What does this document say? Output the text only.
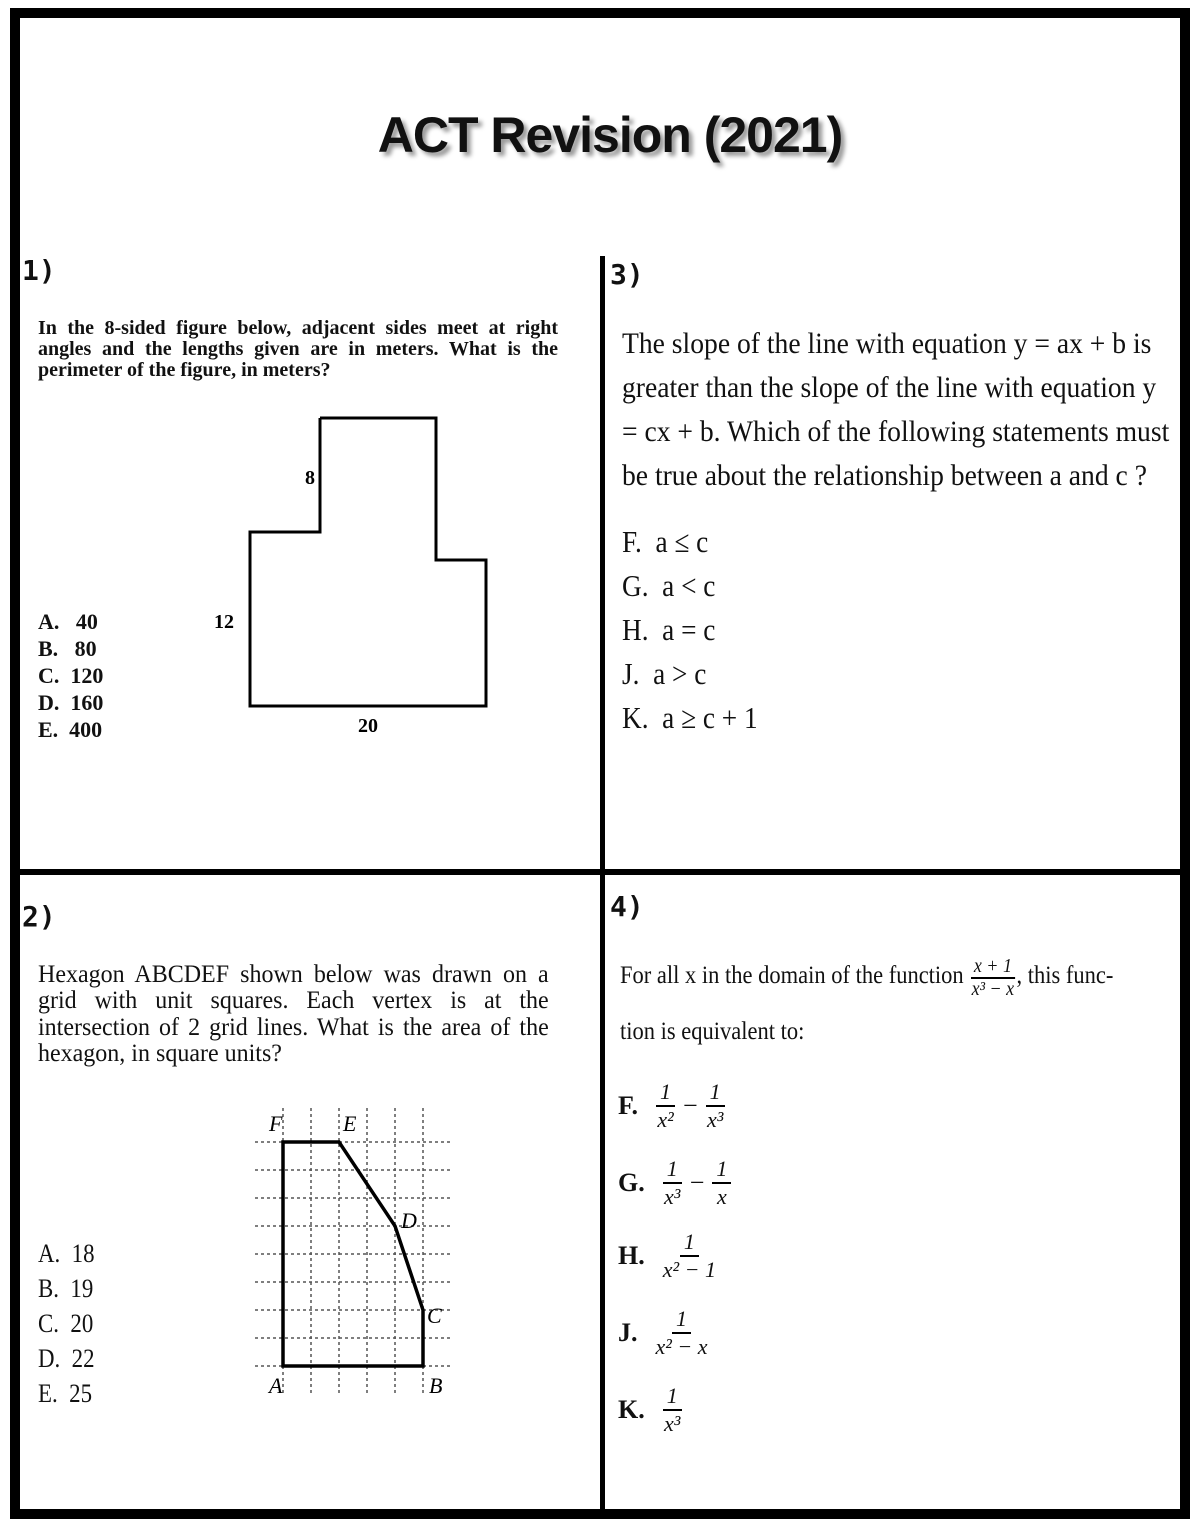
ACT Revision (2021)
1)
In the 8-sided figure below, adjacent sides meet at right angles and the lengths given are in meters. What is the perimeter of the figure, in meters?
8
12
20
A.   40
B.   80
C.  120
D.  160
E.  400
2)
Hexagon ABCDEF shown below was drawn on a grid with unit squares. Each vertex is at the intersection of 2 grid lines. What is the area of the hexagon, in square units?
F	E
D
C
A	B
A.  18
B.  19
C.  20
D.  22
E.  25
3)
The slope of the line with equation y = ax + b is greater than the slope of the line with equation y = cx + b. Which of the following statements must be true about the relationship between a and c ?
F.  a ≤ c
G.  a < c
H.  a = c
J.  a > c
K.  a ≥ c + 1
4)
For all x in the domain of the function $\frac{x + 1}{\text{x³ − x}}$ , this func-
tion is equivalent to:
F. $\frac{1}{\text{x²}} - \frac{1}{\text{x³}}$
G. $\frac{1}{\text{x³}} - \frac{1}{x}$
H. $\frac{1}{\text{x² − 1}}$
J. $\frac{1}{\text{x² − x}}$
K. $\frac{1}{\text{x³}}$
